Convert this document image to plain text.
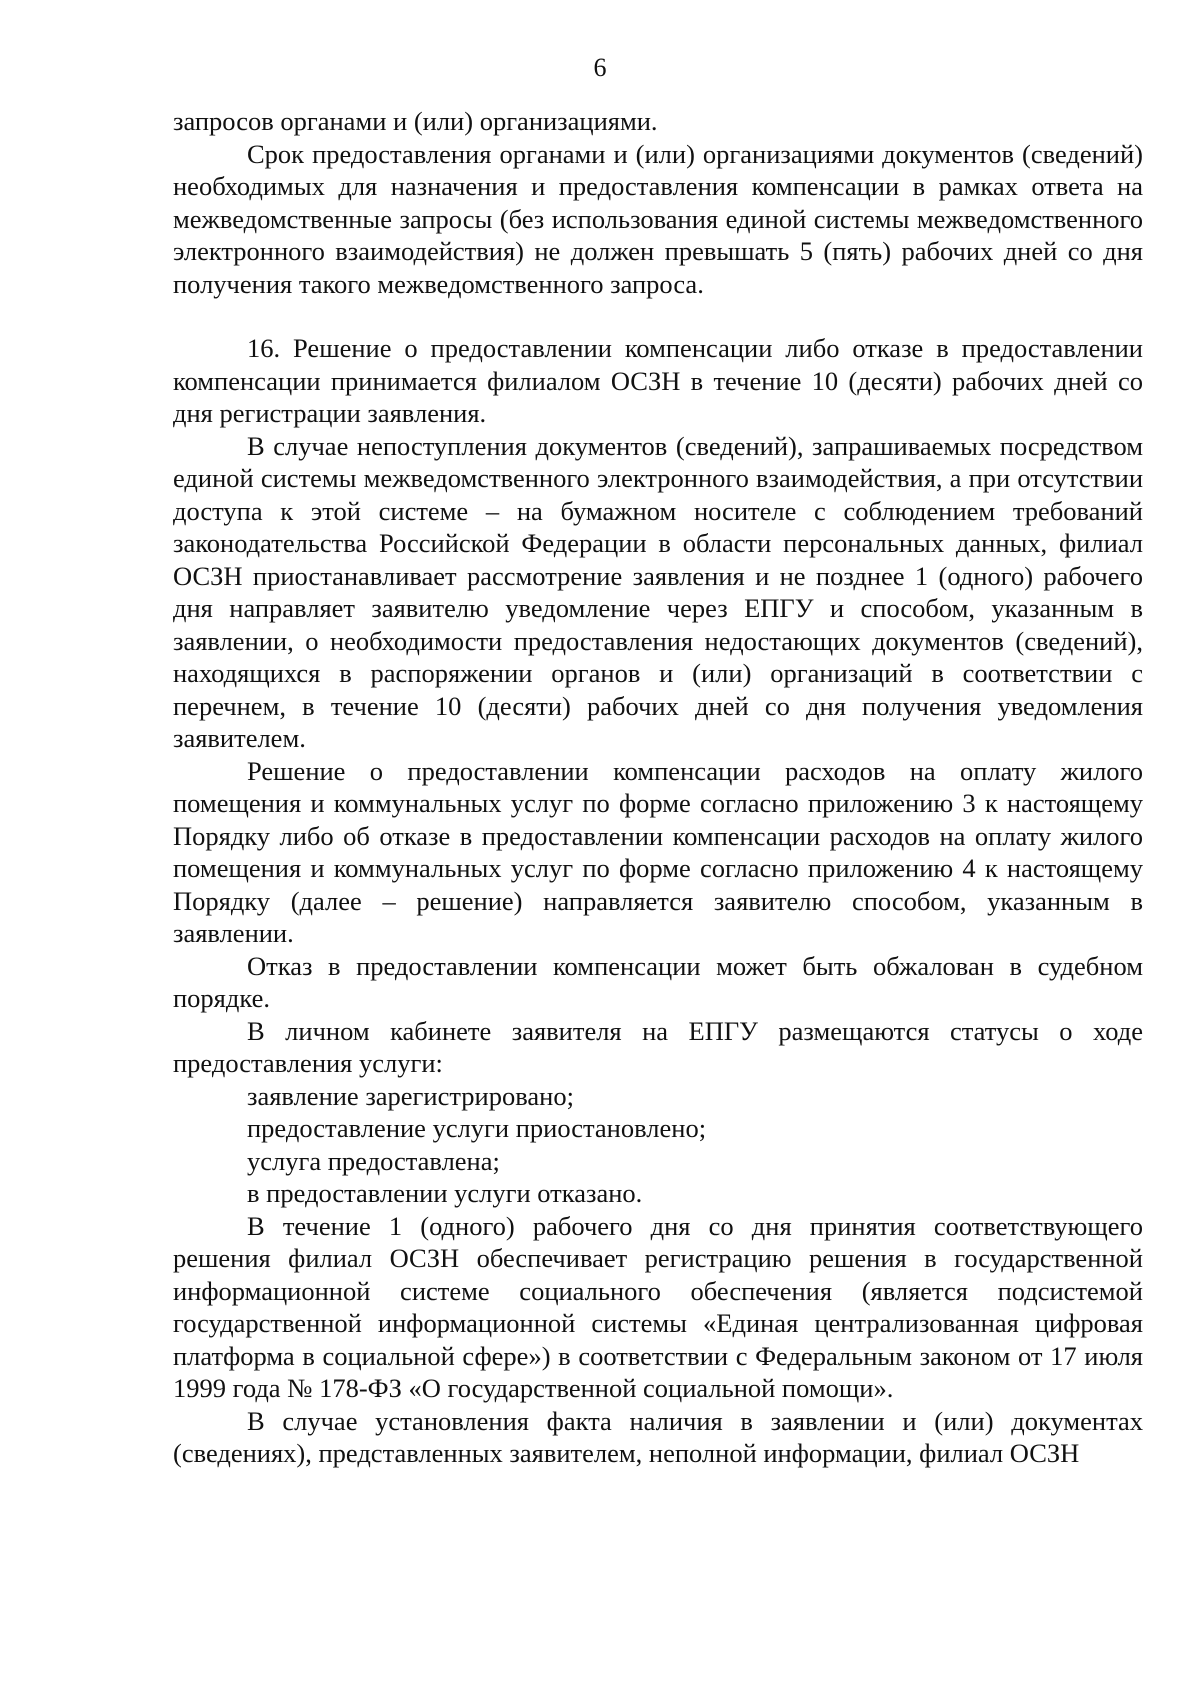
6

запросов органами и (или) организациями.

Срок предоставления органами и (или) организациями документов (сведений) необходимых для назначения и предоставления компенсации в рамках ответа на межведомственные запросы (без использования единой системы межведомственного электронного взаимодействия) не должен превышать 5 (пять) рабочих дней со дня получения такого межведомственного запроса.

16. Решение о предоставлении компенсации либо отказе в предоставлении компенсации принимается филиалом ОСЗН в течение 10 (десяти) рабочих дней со дня регистрации заявления.

В случае непоступления документов (сведений), запрашиваемых посредством единой системы межведомственного электронного взаимодействия, а при отсутствии доступа к этой системе – на бумажном носителе с соблюдением требований законодательства Российской Федерации в области персональных данных, филиал ОСЗН приостанавливает рассмотрение заявления и не позднее 1 (одного) рабочего дня направляет заявителю уведомление через ЕПГУ и способом, указанным в заявлении, о необходимости предоставления недостающих документов (сведений), находящихся в распоряжении органов и (или) организаций в соответствии с перечнем, в течение 10 (десяти) рабочих дней со дня получения уведомления заявителем.

Решение о предоставлении компенсации расходов на оплату жилого помещения и коммунальных услуг по форме согласно приложению 3 к настоящему Порядку либо об отказе в предоставлении компенсации расходов на оплату жилого помещения и коммунальных услуг по форме согласно приложению 4 к настоящему Порядку (далее – решение) направляется заявителю способом, указанным в заявлении.

Отказ в предоставлении компенсации может быть обжалован в судебном порядке.

В личном кабинете заявителя на ЕПГУ размещаются статусы о ходе предоставления услуги:

заявление зарегистрировано;

предоставление услуги приостановлено;

услуга предоставлена;

в предоставлении услуги отказано.

В течение 1 (одного) рабочего дня со дня принятия соответствующего решения филиал ОСЗН обеспечивает регистрацию решения в государственной информационной системе социального обеспечения (является подсистемой государственной информационной системы «Единая централизованная цифровая платформа в социальной сфере») в соответствии с Федеральным законом от 17 июля 1999 года № 178-ФЗ «О государственной социальной помощи».

В случае установления факта наличия в заявлении и (или) документах (сведениях), представленных заявителем, неполной информации, филиал ОСЗН
